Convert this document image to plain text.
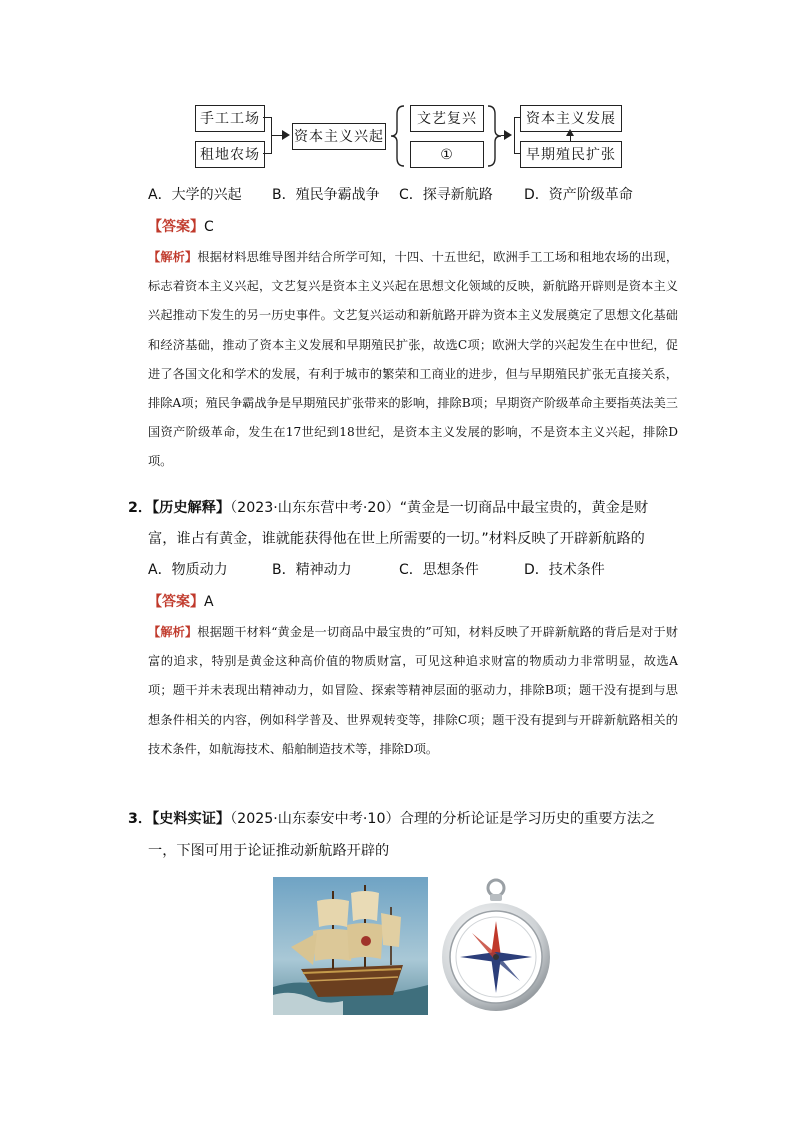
手工工场
租地农场
资本主义兴起
文艺复兴
①
资本主义发展
早期殖民扩张
A．大学的兴起 B．殖民争霸战争 C．探寻新航路 D．资产阶级革命
【答案】C
【解析】根据材料思维导图并结合所学可知，十四、十五世纪，欧洲手工工场和租地农场的出现，标志着资本主义兴起，文艺复兴是资本主义兴起在思想文化领域的反映，新航路开辟则是资本主义兴起推动下发生的另一历史事件。文艺复兴运动和新航路开辟为资本主义发展奠定了思想文化基础和经济基础，推动了资本主义发展和早期殖民扩张，故选C项；欧洲大学的兴起发生在中世纪，促进了各国文化和学术的发展，有利于城市的繁荣和工商业的进步，但与早期殖民扩张无直接关系，排除A项；殖民争霸战争是早期殖民扩张带来的影响，排除B项；早期资产阶级革命主要指英法美三国资产阶级革命，发生在17世纪到18世纪，是资本主义发展的影响，不是资本主义兴起，排除D项。
2．【历史解释】（2023·山东东营中考·20）“黄金是一切商品中最宝贵的，黄金是财
富，谁占有黄金，谁就能获得他在世上所需要的一切。”材料反映了开辟新航路的
A．物质动力	B．精神动力	C．思想条件	D．技术条件
【答案】A
【解析】根据题干材料“黄金是一切商品中最宝贵的”可知，材料反映了开辟新航路的背后是对于财富的追求，特别是黄金这种高价值的物质财富，可见这种追求财富的物质动力非常明显，故选A项；题干并未表现出精神动力，如冒险、探索等精神层面的驱动力，排除B项；题干没有提到与思想条件相关的内容，例如科学普及、世界观转变等，排除C项；题干没有提到与开辟新航路相关的技术条件，如航海技术、船舶制造技术等，排除D项。
3．【史料实证】（2025·山东泰安中考·10）合理的分析论证是学习历史的重要方法之
一，下图可用于论证推动新航路开辟的
